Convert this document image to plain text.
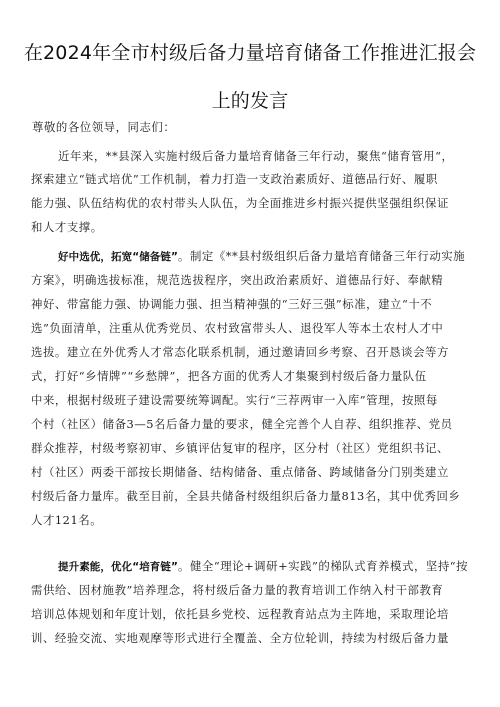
在2024年全市村级后备力量培育储备工作推进汇报会
上的发言
尊敬的各位领导，同志们：
近年来，**县深入实施村级后备力量培育储备三年行动，聚焦“储育管用“，
探索建立“链式培优”工作机制，着力打造一支政治素质好、道德品行好、履职
能力强、队伍结构优的农村带头人队伍，为全面推进乡村振兴提供坚强组织保证
和人才支撑。
好中选优，拓宽“储备链”。制定《**县村级组织后备力量培育储备三年行动实施
方案》，明确选拔标准，规范选拔程序，突出政治素质好、道德品行好、奉献精
神好、带富能力强、协调能力强、担当精神强的“三好三强”标准，建立“十不
选”负面清单，注重从优秀党员、农村致富带头人、退役军人等本土农村人才中
选拔。建立在外优秀人才常态化联系机制，通过邀请回乡考察、召开恳谈会等方
式，打好“乡情牌”“乡愁牌”，把各方面的优秀人才集聚到村级后备力量队伍
中来，根据村级班子建设需要统筹调配。实行“三荐两审一入库”管理，按照每
个村（社区）储备3—5名后备力量的要求，健全完善个人自荐、组织推荐、党员
群众推荐，村级考察初审、乡镇评估复审的程序，区分村（社区）党组织书记、
村（社区）两委干部按长期储备、结构储备、重点储备、跨域储备分门别类建立
村级后备力量库。截至目前，全县共储备村级组织后备力量813名，其中优秀回乡
人才121名。
提升素能，优化“培育链”。健全“理论+调研+实践”的梯队式育养模式，坚持“按
需供给、因材施教”培养理念，将村级后备力量的教育培训工作纳入村干部教育
培训总体规划和年度计划，依托县乡党校、远程教育站点为主阵地，采取理论培
训、经验交流、实地观摩等形式进行全覆盖、全方位轮训，持续为村级后备力量
